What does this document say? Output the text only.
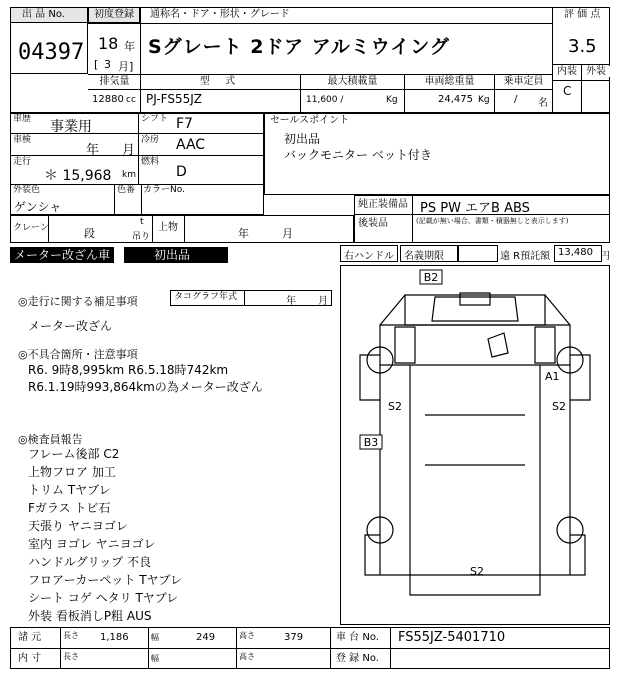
出 品 No.
04397
初度登録 通称名・ドア・形状・グレード
18 年
[ 3 月]
Sグレート 2ドア アルミウイング
評 価 点
3.5
内装 外装
C
排気量	型 式	最大積載量	車両総重量	乗車定員
12880 cc PJ-FS55JZ	11,600 /	Kg	24,475 Kg / 名
車歴 事業用	シフト F7
車検
年 月
冷房 AAC
走行
＊ 15,968 km
燃料
D
外装色	色番 カラーNo.
ゲンシャ
クレーン	段
t
吊り
上物	年	月
セールスポイント
初出品
バックモニター ベット付き
純正装備品 PS PW エアB ABS
後装品	(記載が無い場合、書類・積器無しと表示します)
メーター改ざん車	初出品	右ハンドル 名義期限	遠 R預託額 13,480 円
◎走行に関する補足事項	タコグラフ年式	年 月
メーター改ざん
◎不具合箇所・注意事項
R6. 9時8,995km R6.5.18時742km
R6.1.19時993,864kmの為メーター改ざん
◎検査員報告
フレーム後部 C2
上物フロア 加工
トリム Tヤブレ
Fガラス トビ石
天張り ヤニヨゴレ
室内 ヨゴレ ヤニヨゴレ
ハンドルグリップ 不良
フロアーカーペット Tヤブレ
シート コゲ ヘタリ Tヤブレ
外装 看板消しP粗 AUS
B2
B3
A1
S2	S2
S2
諸 元	長さ 1,186	幅	249	高さ	379	車 台 No. FS55JZ-5401710
内 寸	長さ	幅	高さ	登 録 No.
